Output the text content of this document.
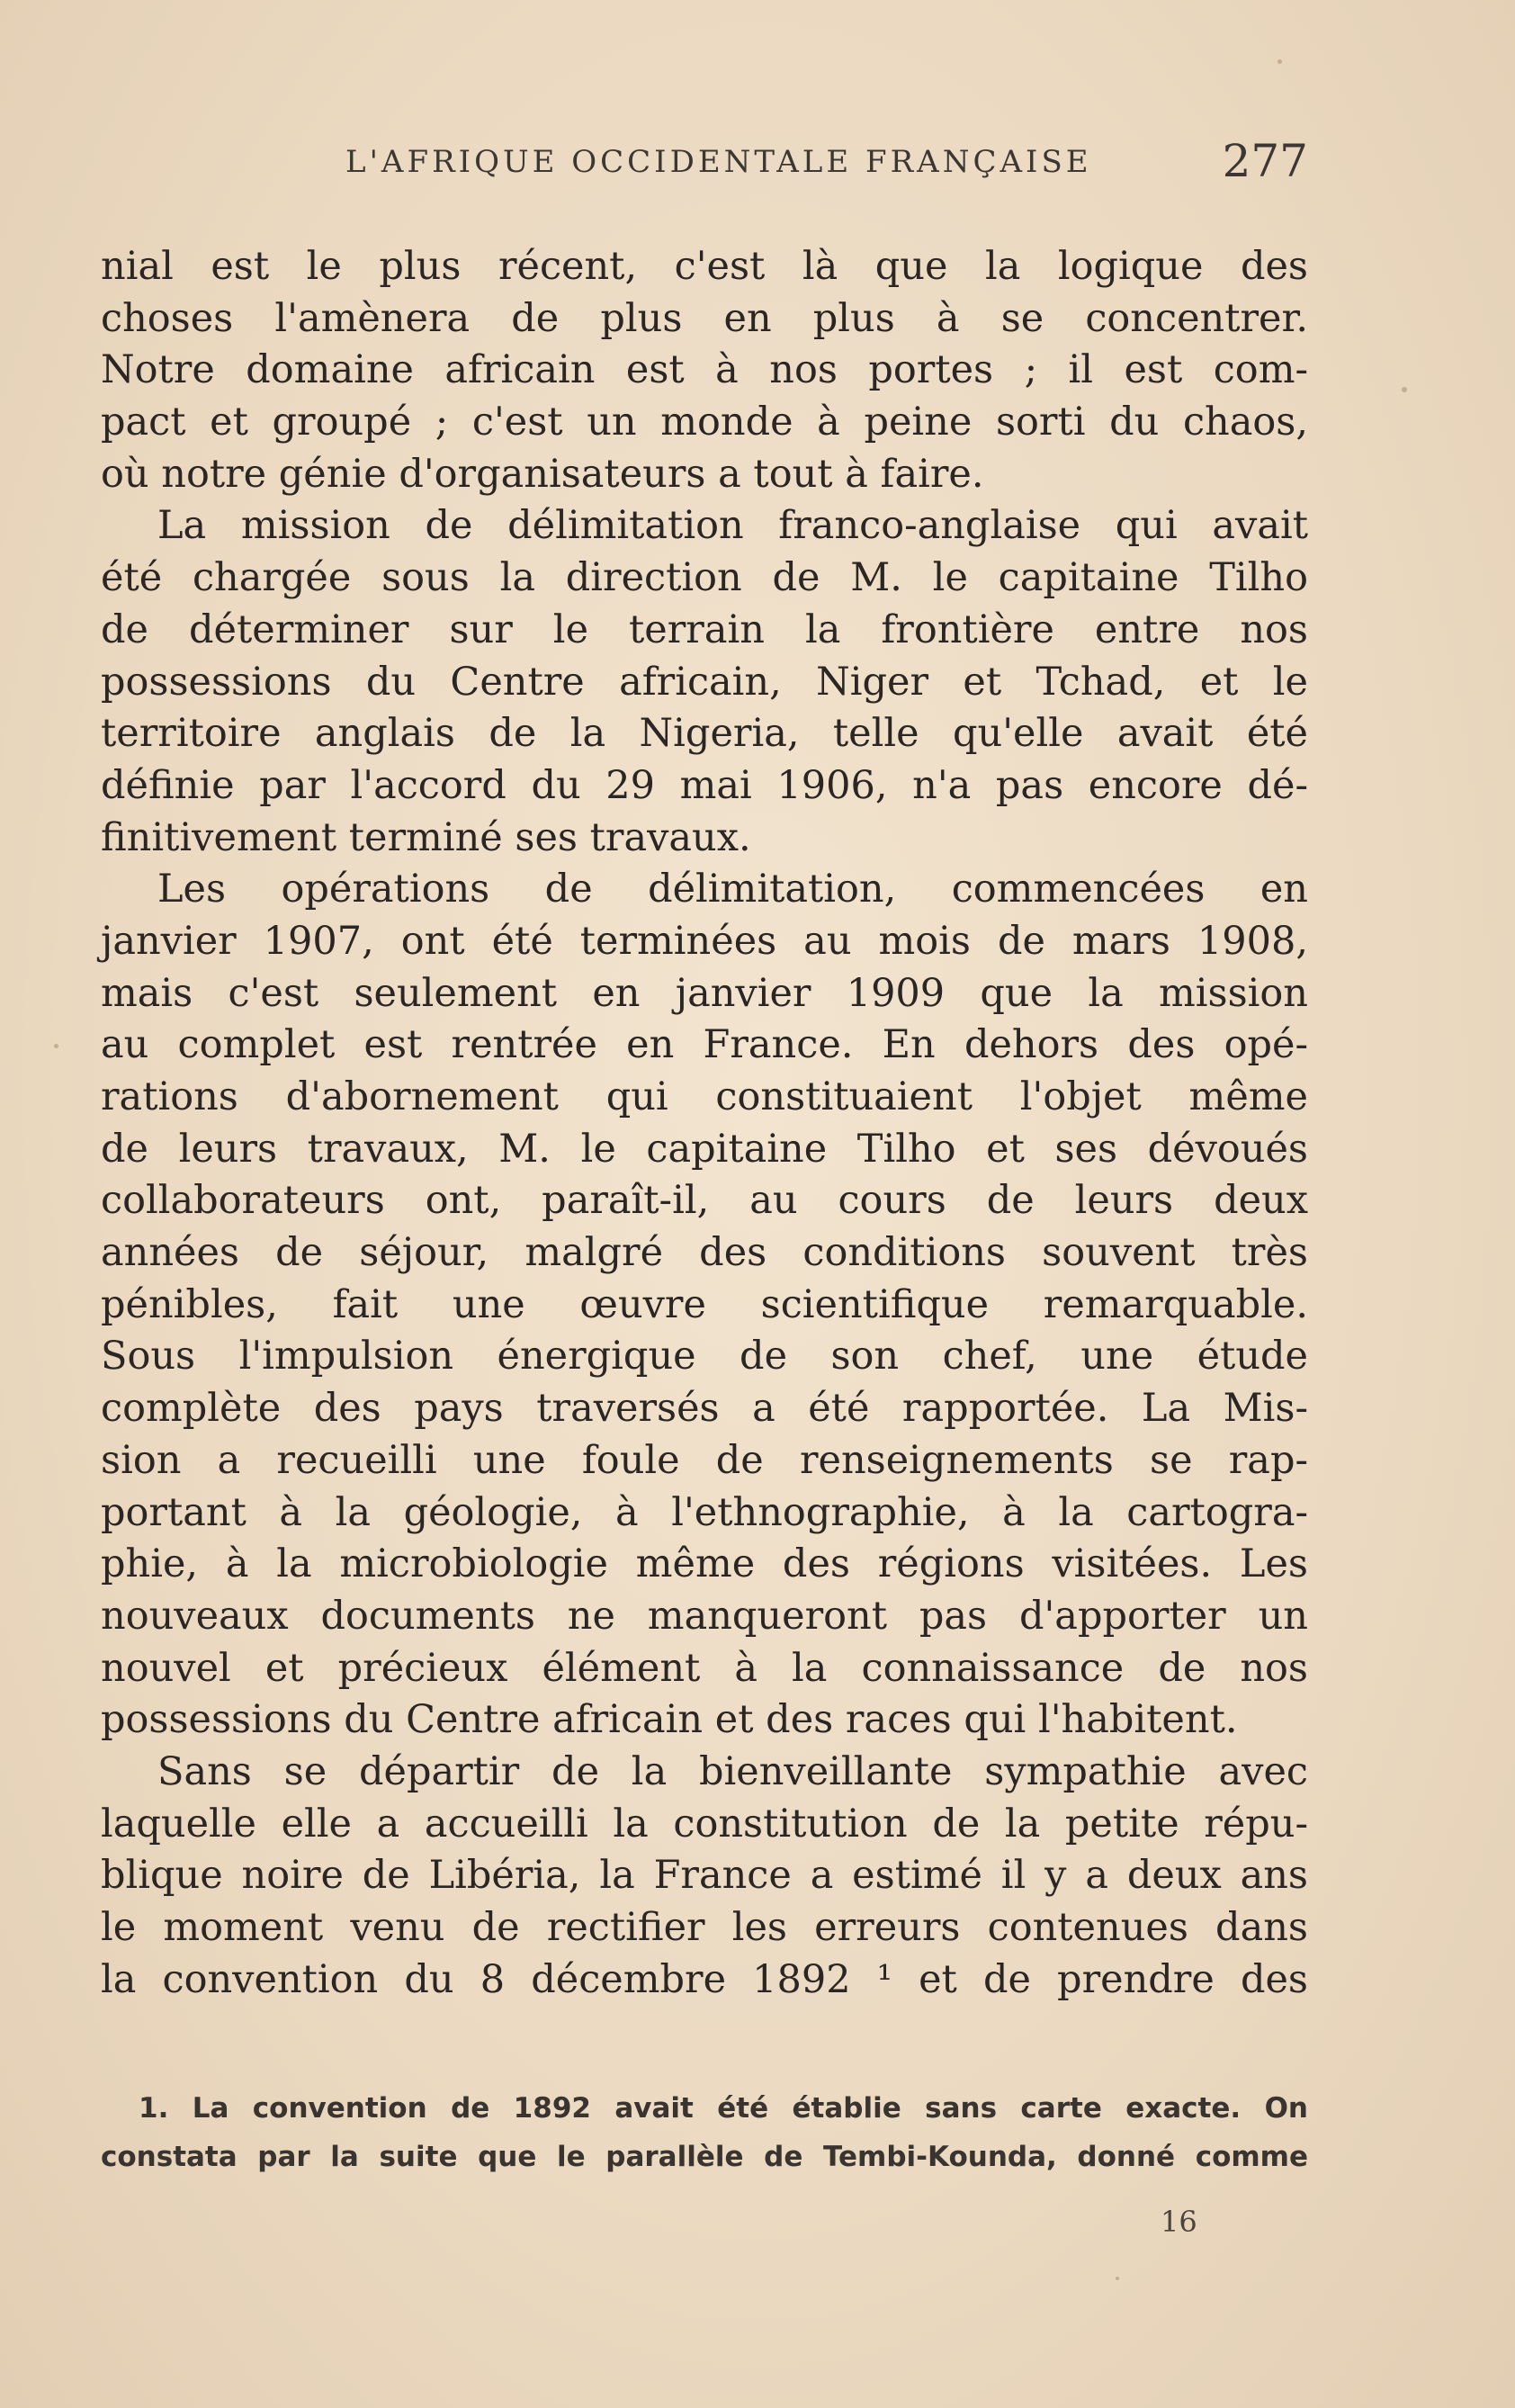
L'AFRIQUE OCCIDENTALE FRANÇAISE	277
nial est le plus récent, c'est là que la logique des
choses l'amènera de plus en plus à se concentrer.
Notre domaine africain est à nos portes ; il est com-
pact et groupé ; c'est un monde à peine sorti du chaos,
où notre génie d'organisateurs a tout à faire.
La mission de délimitation franco-anglaise qui avait
été chargée sous la direction de M. le capitaine Tilho
de déterminer sur le terrain la frontière entre nos
possessions du Centre africain, Niger et Tchad, et le
territoire anglais de la Nigeria, telle qu'elle avait été
définie par l'accord du 29 mai 1906, n'a pas encore dé-
finitivement terminé ses travaux.
Les opérations de délimitation, commencées en
janvier 1907, ont été terminées au mois de mars 1908,
mais c'est seulement en janvier 1909 que la mission
au complet est rentrée en France. En dehors des opé-
rations d'abornement qui constituaient l'objet même
de leurs travaux, M. le capitaine Tilho et ses dévoués
collaborateurs ont, paraît-il, au cours de leurs deux
années de séjour, malgré des conditions souvent très
pénibles, fait une œuvre scientifique remarquable.
Sous l'impulsion énergique de son chef, une étude
complète des pays traversés a été rapportée. La Mis-
sion a recueilli une foule de renseignements se rap-
portant à la géologie, à l'ethnographie, à la cartogra-
phie, à la microbiologie même des régions visitées. Les
nouveaux documents ne manqueront pas d'apporter un
nouvel et précieux élément à la connaissance de nos
possessions du Centre africain et des races qui l'habitent.
Sans se départir de la bienveillante sympathie avec
laquelle elle a accueilli la constitution de la petite répu-
blique noire de Libéria, la France a estimé il y a deux ans
le moment venu de rectifier les erreurs contenues dans
la convention du 8 décembre 1892 ¹ et de prendre des
1. La convention de 1892 avait été établie sans carte exacte. On
constata par la suite que le parallèle de Tembi-Kounda, donné comme
16
